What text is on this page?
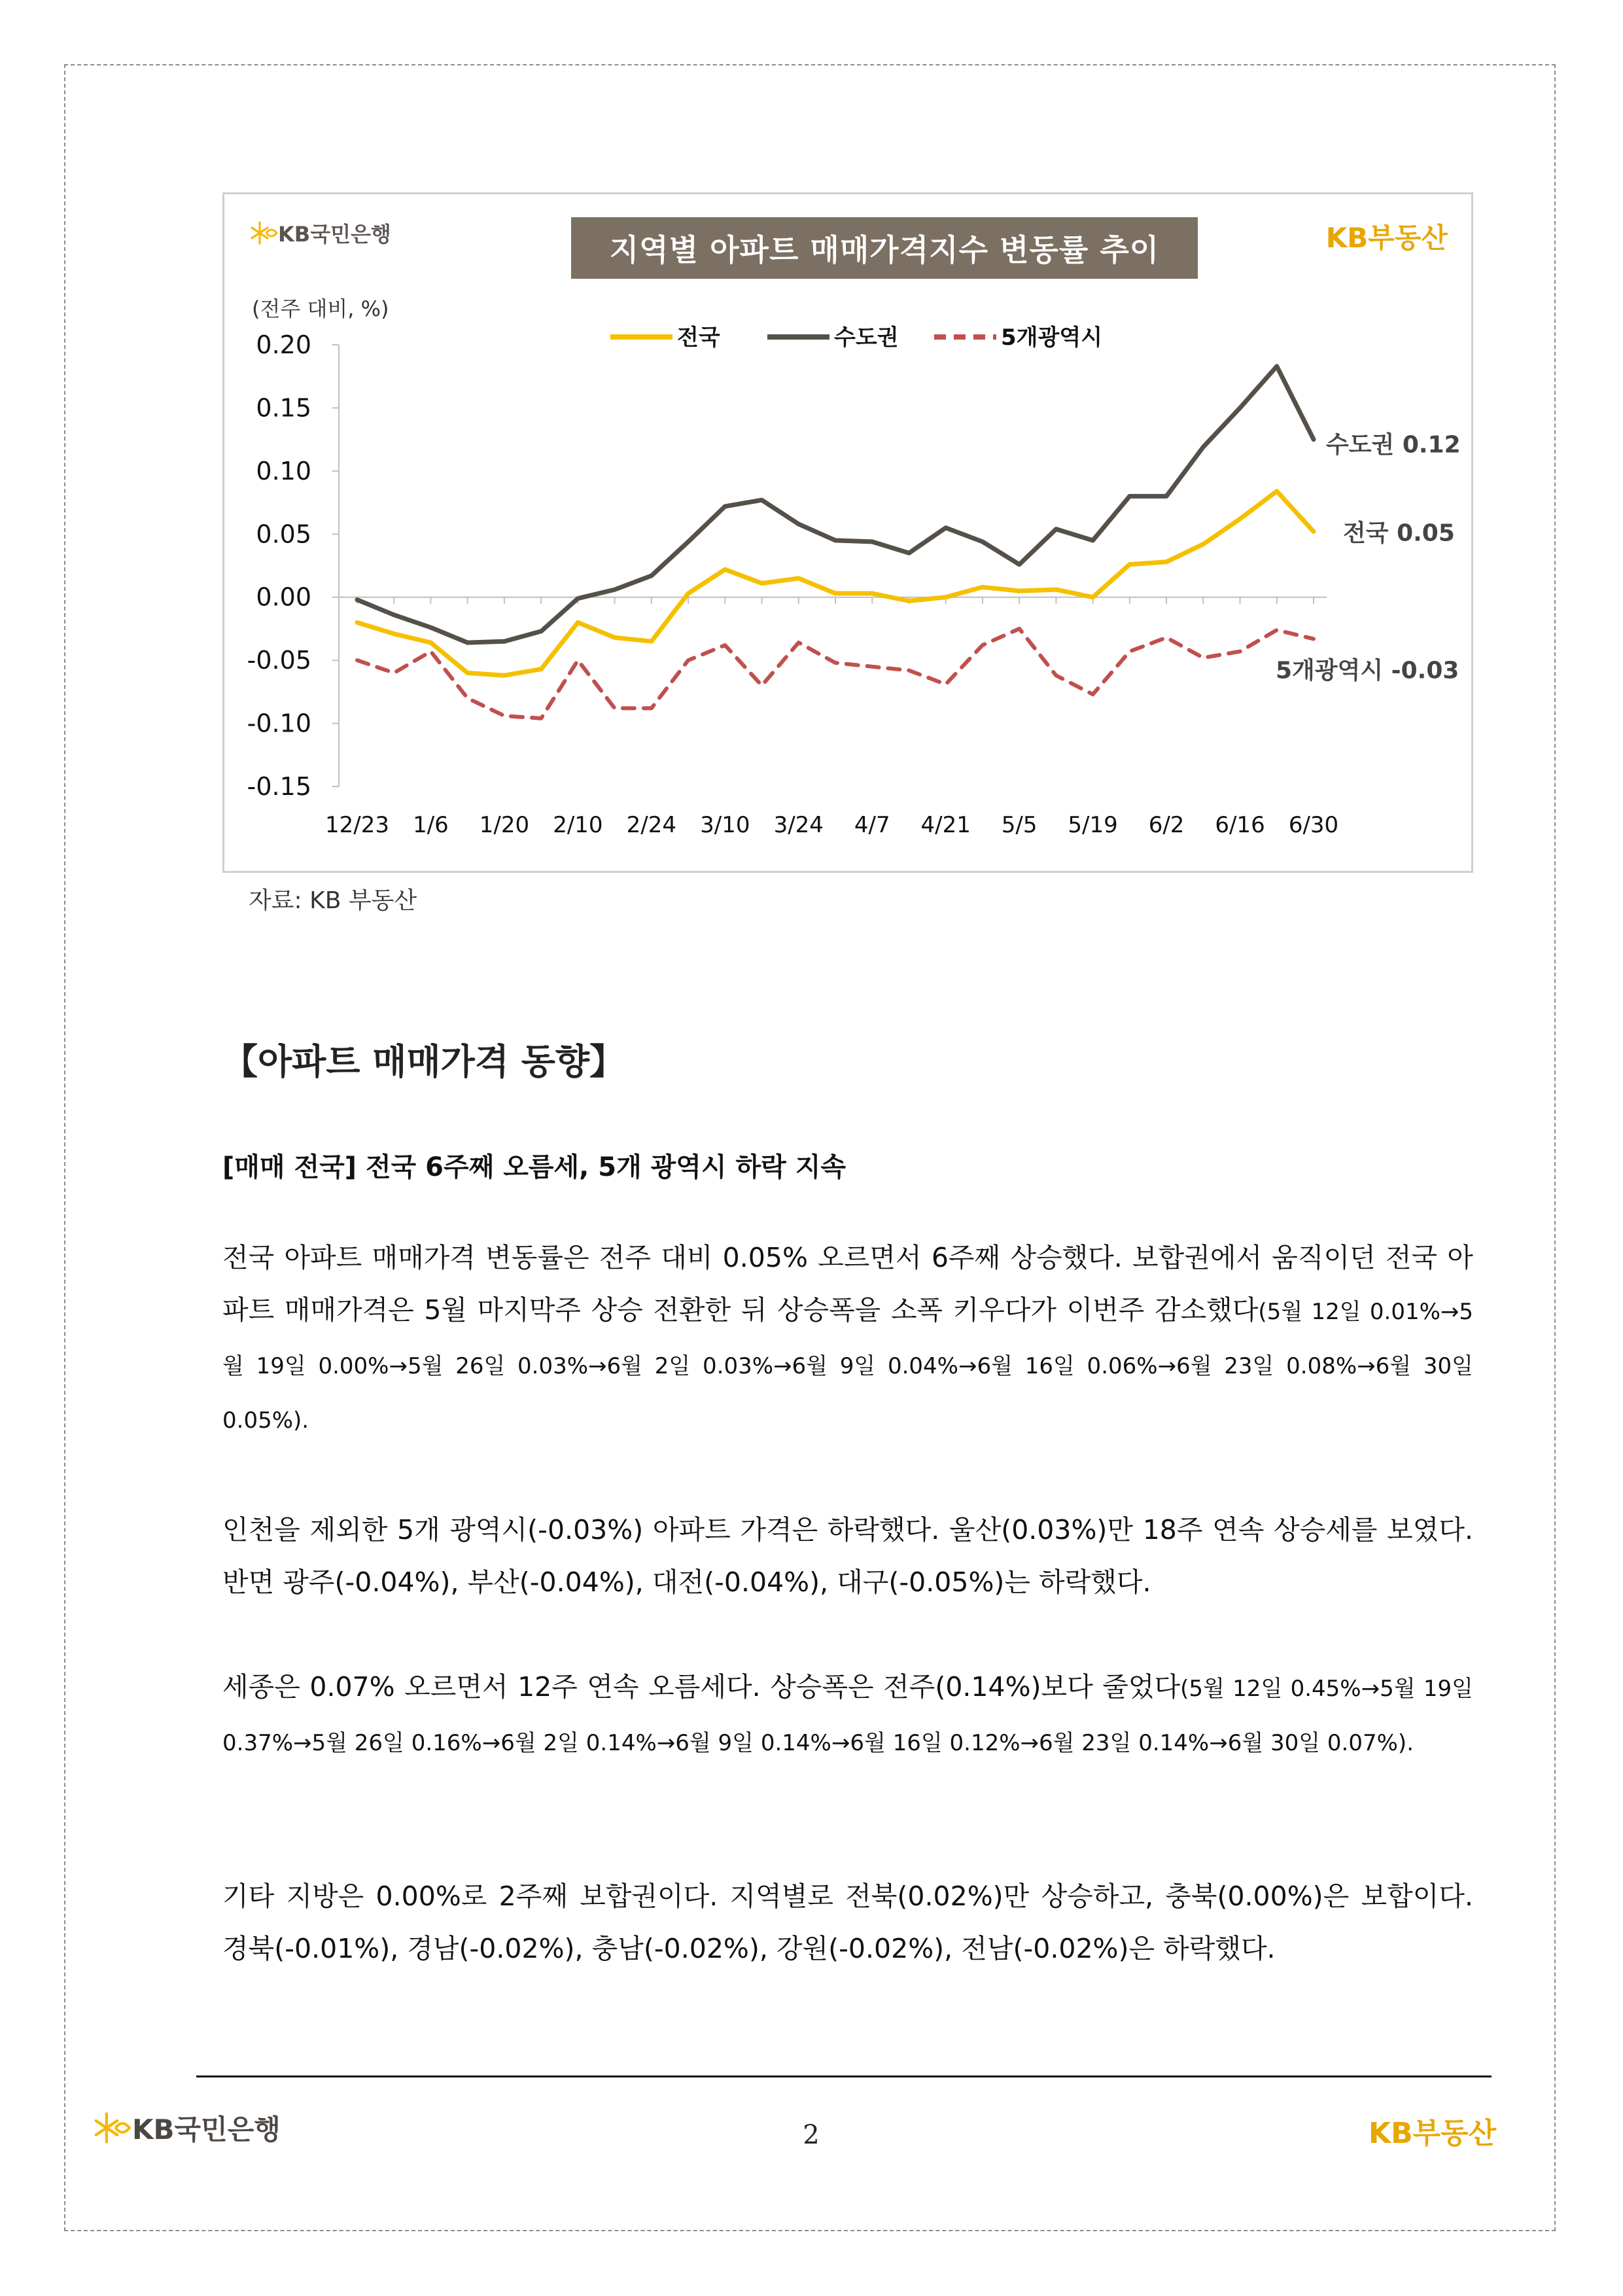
KB국민은행	지역별 아파트 매매가격지수 변동률 추이	KB부동산
(전주 대비, %)
0.20
0.15
0.10
0.05
0.00
-0.05
-0.10
-0.15
12/23 1/6 1/20 2/10 2/24 3/10 3/24 4/7 4/21 5/5 5/19 6/2 6/16 6/30
전국	수도권	5개광역시
전국 0.05
수도권 0.12
5개광역시 -0.03
자료: KB 부동산
【아파트 매매가격 동향】
[매매 전국] 전국 6주째 오름세, 5개 광역시 하락 지속
전국 아파트 매매가격 변동률은 전주 대비 0.05% 오르면서 6주째 상승했다. 보합권에서 움직이던 전국 아파트 매매가격은 5월 마지막주 상승 전환한 뒤 상승폭을 소폭 키우다가 이번주 감소했다(5월 12일 0.01%→5월 19일 0.00%→5월 26일 0.03%→6월 2일 0.03%→6월 9일 0.04%→6월 16일 0.06%→6월 23일 0.08%→6월 30일 0.05%).
인천을 제외한 5개 광역시(-0.03%) 아파트 가격은 하락했다. 울산(0.03%)만 18주 연속 상승세를 보였다. 반면 광주(-0.04%), 부산(-0.04%), 대전(-0.04%), 대구(-0.05%)는 하락했다.
세종은 0.07% 오르면서 12주 연속 오름세다. 상승폭은 전주(0.14%)보다 줄었다(5월 12일 0.45%→5월 19일 0.37%→5월 26일 0.16%→6월 2일 0.14%→6월 9일 0.14%→6월 16일 0.12%→6월 23일 0.14%→6월 30일 0.07%).
기타 지방은 0.00%로 2주째 보합권이다. 지역별로 전북(0.02%)만 상승하고, 충북(0.00%)은 보합이다. 경북(-0.01%), 경남(-0.02%), 충남(-0.02%), 강원(-0.02%), 전남(-0.02%)은 하락했다.
KB국민은행	2	KB부동산
